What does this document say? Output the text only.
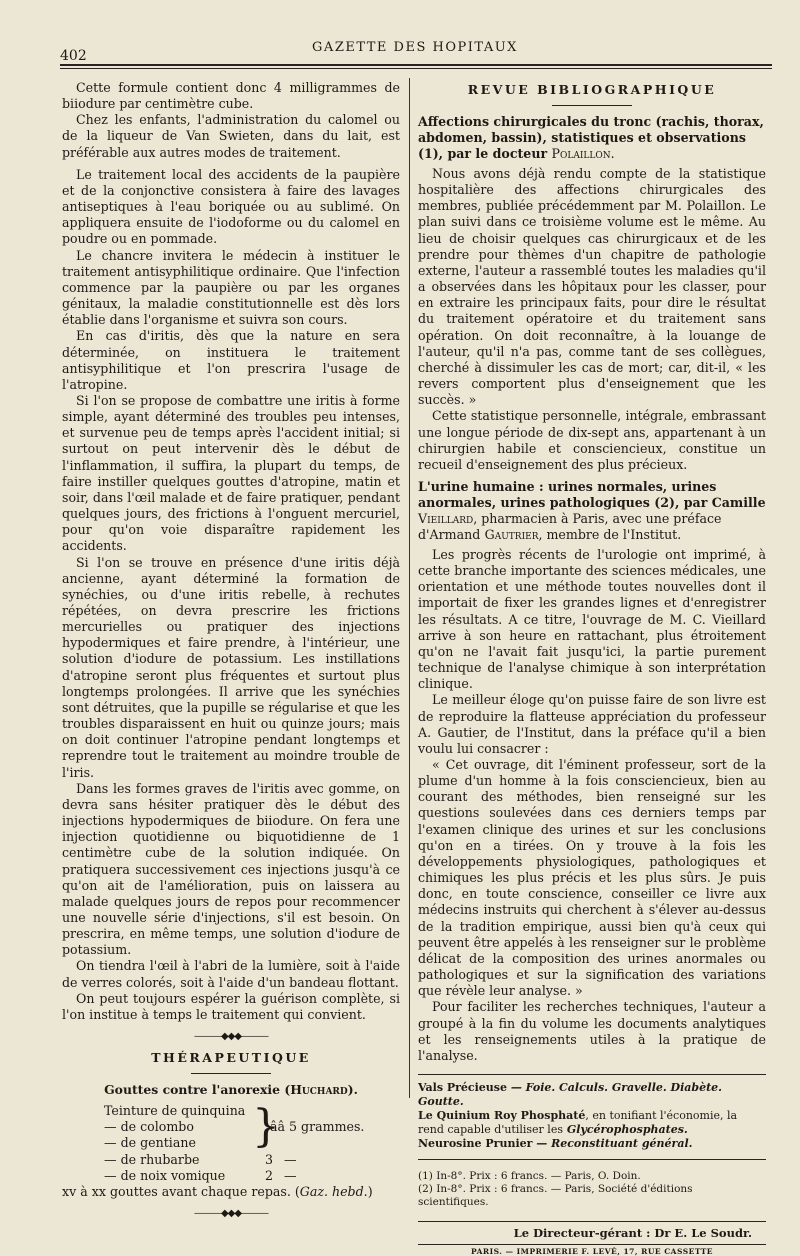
402
GAZETTE DES HOPITAUX

Cette formule contient donc 4 milligrammes de biiodure par centimètre cube.

Chez les enfants, l'administration du calomel ou de la liqueur de Van Swieten, dans du lait, est préférable aux autres modes de traitement.

Le traitement local des accidents de la paupière et de la conjonctive consistera à faire des lavages antiseptiques à l'eau boriquée ou au sublimé. On appliquera ensuite de l'iodoforme ou du calomel en poudre ou en pommade.

Le chancre invitera le médecin à instituer le traitement antisyphilitique ordinaire. Que l'infection commence par la paupière ou par les organes génitaux, la maladie constitutionnelle est dès lors établie dans l'organisme et suivra son cours.

En cas d'iritis, dès que la nature en sera déterminée, on instituera le traitement antisyphilitique et l'on prescrira l'usage de l'atropine.

Si l'on se propose de combattre une iritis à forme simple, ayant déterminé des troubles peu intenses, et survenue peu de temps après l'accident initial; si surtout on peut intervenir dès le début de l'inflammation, il suffira, la plupart du temps, de faire instiller quelques gouttes d'atropine, matin et soir, dans l'œil malade et de faire pratiquer, pendant quelques jours, des frictions à l'onguent mercuriel, pour qu'on voie disparaître rapidement les accidents.

Si l'on se trouve en présence d'une iritis déjà ancienne, ayant déterminé la formation de synéchies, ou d'une iritis rebelle, à rechutes répétées, on devra prescrire les frictions mercurielles ou pratiquer des injections hypodermiques et faire prendre, à l'intérieur, une solution d'iodure de potassium. Les instillations d'atropine seront plus fréquentes et surtout plus longtemps prolongées. Il arrive que les synéchies sont détruites, que la pupille se régularise et que les troubles disparaissent en huit ou quinze jours; mais on doit continuer l'atropine pendant longtemps et reprendre tout le traitement au moindre trouble de l'iris.

Dans les formes graves de l'iritis avec gomme, on devra sans hésiter pratiquer dès le début des injections hypodermiques de biiodure. On fera une injection quotidienne ou biquotidienne de 1 centimètre cube de la solution indiquée. On pratiquera successivement ces injections jusqu'à ce qu'on ait de l'amélioration, puis on laissera au malade quelques jours de repos pour recommencer une nouvelle série d'injections, s'il est besoin. On prescrira, en même temps, une solution d'iodure de potassium.

On tiendra l'œil à l'abri de la lumière, soit à l'aide de verres colorés, soit à l'aide d'un bandeau flottant.

On peut toujours espérer la guérison complète, si l'on institue à temps le traitement qui convient.

———◆◆◆———
THÉRAPEUTIQUE
Gouttes contre l'anorexie (Huchard).
Teinture de quinquina
— de colombo
— de gentiane
— de rhubarbe	3 —
— de noix vomique	2 —
}
ââ 5 grammes.

xv à xx gouttes avant chaque repas. (Gaz. hebd.)

———◆◆◆———
REVUE BIBLIOGRAPHIQUE
Affections chirurgicales du tronc (rachis, thorax, abdomen, bassin), statistiques et observations (1), par le docteur Polaillon.

Nous avons déjà rendu compte de la statistique hospitalière des affections chirurgicales des membres, publiée précédemment par M. Polaillon. Le plan suivi dans ce troisième volume est le même. Au lieu de choisir quelques cas chirurgicaux et de les prendre pour thèmes d'un chapitre de pathologie externe, l'auteur a rassemblé toutes les maladies qu'il a observées dans les hôpitaux pour les classer, pour en extraire les principaux faits, pour dire le résultat du traitement opératoire et du traitement sans opération. On doit reconnaître, à la louange de l'auteur, qu'il n'a pas, comme tant de ses collègues, cherché à dissimuler les cas de mort; car, dit-il, « les revers comportent plus d'enseignement que les succès. »

Cette statistique personnelle, intégrale, embrassant une longue période de dix-sept ans, appartenant à un chirurgien habile et consciencieux, constitue un recueil d'enseignement des plus précieux.

L'urine humaine : urines normales, urines anormales, urines pathologiques (2), par Camille Vieillard, pharmacien à Paris, avec une préface d'Armand Gautrier, membre de l'Institut.

Les progrès récents de l'urologie ont imprimé, à cette branche importante des sciences médicales, une orientation et une méthode toutes nouvelles dont il importait de fixer les grandes lignes et d'enregistrer les résultats. A ce titre, l'ouvrage de M. C. Vieillard arrive à son heure en rattachant, plus étroitement qu'on ne l'avait fait jusqu'ici, la partie purement technique de l'analyse chimique à son interprétation clinique.

Le meilleur éloge qu'on puisse faire de son livre est de reproduire la flatteuse appréciation du professeur A. Gautier, de l'Institut, dans la préface qu'il a bien voulu lui consacrer :

« Cet ouvrage, dit l'éminent professeur, sort de la plume d'un homme à la fois consciencieux, bien au courant des méthodes, bien renseigné sur les questions soulevées dans ces derniers temps par l'examen clinique des urines et sur les conclusions qu'on en a tirées. On y trouve à la fois les développements physiologiques, pathologiques et chimiques les plus précis et les plus sûrs. Je puis donc, en toute conscience, conseiller ce livre aux médecins instruits qui cherchent à s'élever au-dessus de la tradition empirique, aussi bien qu'à ceux qui peuvent être appelés à les renseigner sur le problème délicat de la composition des urines anormales ou pathologiques et sur la signification des variations que révèle leur analyse. »

Pour faciliter les recherches techniques, l'auteur a groupé à la fin du volume les documents analytiques et les renseignements utiles à la pratique de l'analyse.

Vals Précieuse — Foie. Calculs. Gravelle. Diabète. Goutte.
Le Quinium Roy Phosphaté, en tonifiant l'économie, la rend capable d'utiliser les Glycérophosphates.
Neurosine Prunier — Reconstituant général.
(1) In-8°. Prix : 6 francs. — Paris, O. Doin.
(2) In-8°. Prix : 6 francs. — Paris, Société d'éditions scientifiques.
Le Directeur-gérant : Dr E. Le Soudr.
PARIS. — IMPRIMERIE F. LEVÉ, 17, RUE CASSETTE
